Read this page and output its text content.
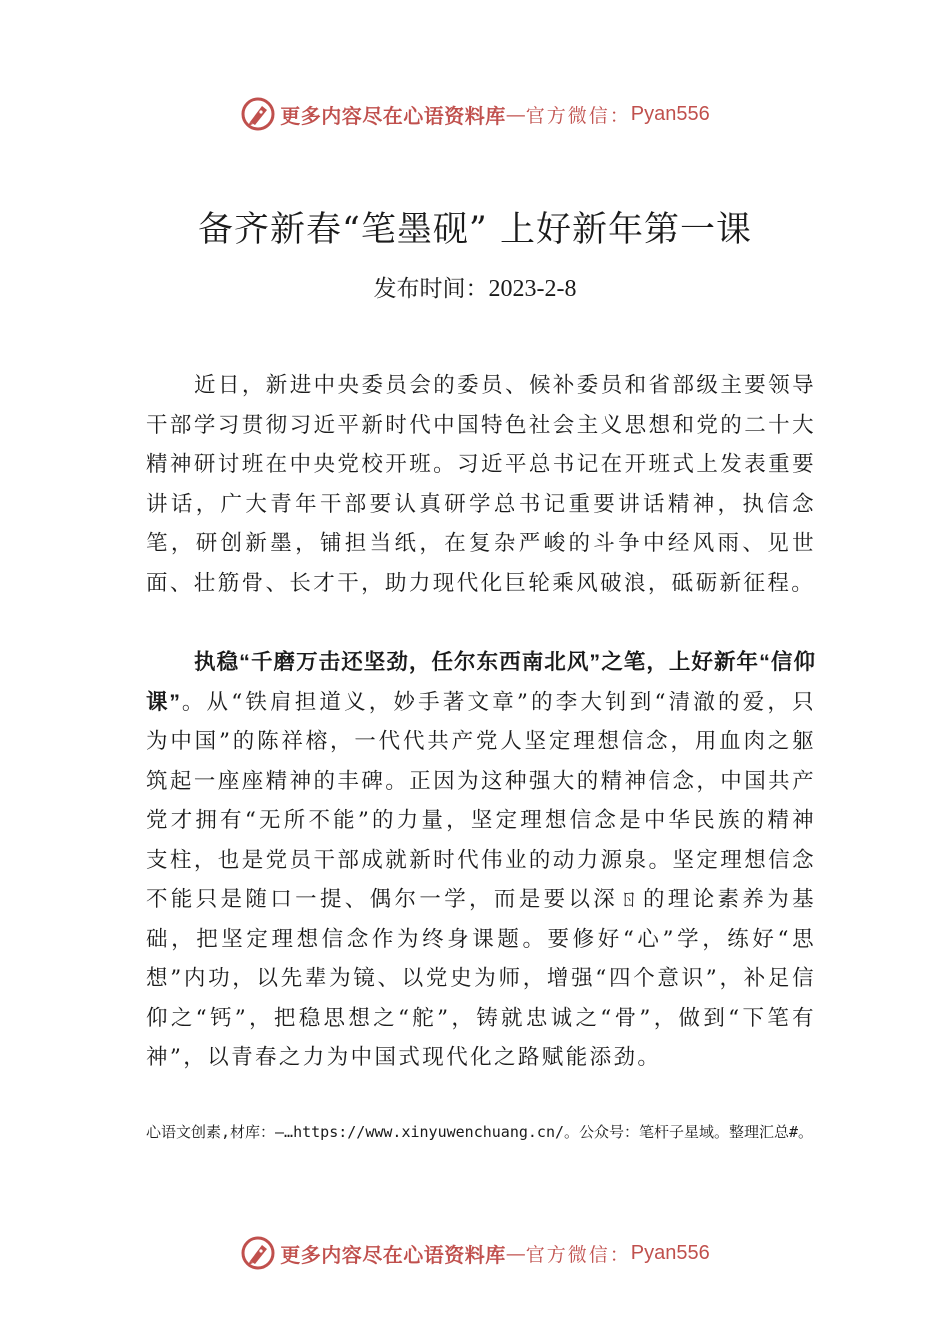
更多内容尽在心语资料库 — 官方微信： Pyan556
备齐新春“笔墨砚” 上好新年第一课
发布时间：2023-2-8

近日，新进中央委员会的委员、候补委员和省部级主要领导干部学习贯彻习近平新时代中国特色社会主义思想和党的二十大精神研讨班在中央党校开班。习近平总书记在开班式上发表重要讲话，广大青年干部要认真研学总书记重要讲话精神，执信念笔，研创新墨，铺担当纸，在复杂严峻的斗争中经风雨、见世面、壮筋骨、长才干，助力现代化巨轮乘风破浪，砥砺新征程。

执稳“千磨万击还坚劲，任尔东西南北风”之笔，上好新年“信仰课”。从“铁肩担道义，妙手著文章”的李大钊到“清澈的爱，只为中国”的陈祥榕，一代代共产党人坚定理想信念，用血肉之躯筑起一座座精神的丰碑。正因为这种强大的精神信念，中国共产党才拥有“无所不能”的力量，坚定理想信念是中华民族的精神支柱，也是党员干部成就新时代伟业的动力源泉。坚定理想信念不能只是随口一提、偶尔一学，而是要以深ㄖ的理论素养为基础，把坚定理想信念作为终身课题。要修好“心”学，练好“思想”内功，以先辈为镜、以党史为师，增强“四个意识”，补足信仰之“钙”，把稳思想之“舵”，铸就忠诚之“骨”，做到“下笔有神”，以青春之力为中国式现代化之路赋能添劲。

心语文创素,材库：—…https://www.xinyuwenchuang.cn/。公众号：笔杆子星域。整理汇总#。

更多内容尽在心语资料库 — 官方微信： Pyan556
